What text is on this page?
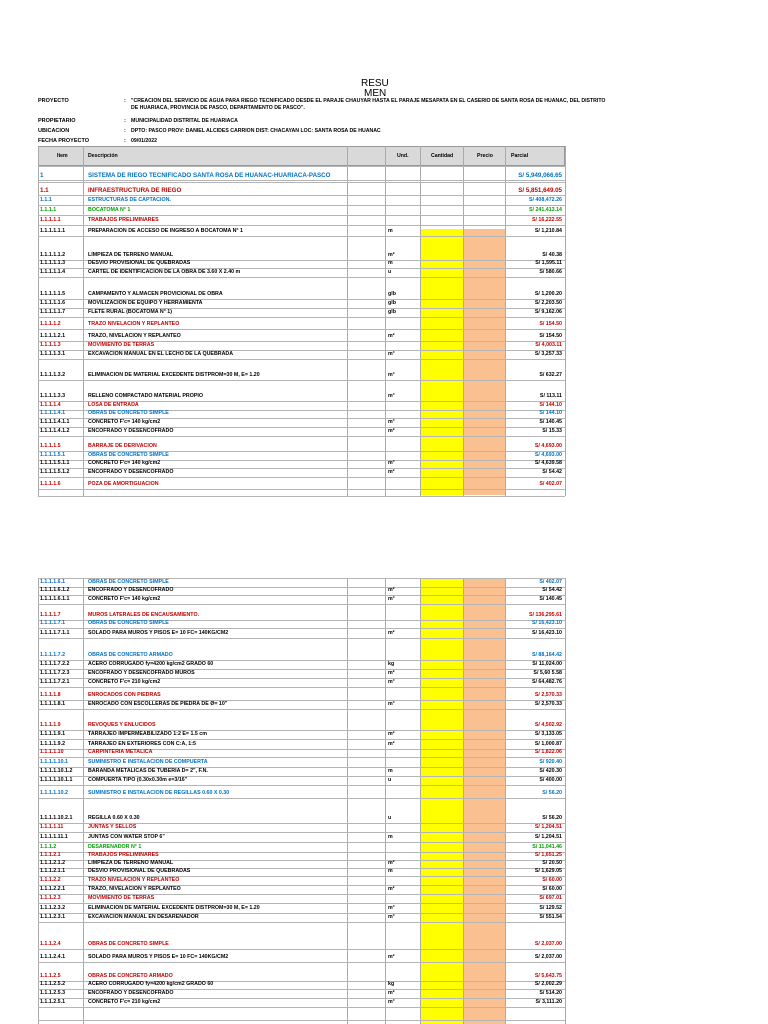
RESU
MEN
PROYECTO	: "CREACION DEL SERVICIO DE AGUA PARA RIEGO TECNIFICADO DESDE EL PARAJE CHAUYAR HASTA EL PARAJE MESAPATA EN EL CASERIO DE SANTA ROSA DE HUANAC, DEL DISTRITO DE HUARIACA, PROVINCIA DE PASCO, DEPARTAMENTO DE PASCO".
PROPIETARIO	: MUNICIPALIDAD DISTRITAL DE HUARIACA
UBICACION	: DPTO: PASCO PROV: DANIEL ALCIDES CARRION DIST: CHACAYAN LOC: SANTA ROSA DE HUANAC
FECHA PROYECTO	: 09/01/2022
Item	Descripción	Und.	Cantidad	Precio	Parcial
1	SISTEMA DE RIEGO TECNIFICADO SANTA ROSA DE HUANAC-HUARIACA-PASCO	S/ 5,949,066.65
1.1	INFRAESTRUCTURA DE RIEGO	S/ 5,851,649.05
1.1.1	ESTRUCTURAS DE CAPTACION.	S/ 408,472.26
1.1.1.1	BOCATOMA N° 1	S/ 241,413.14
1.1.1.1.1	TRABAJOS PRELIMINARES	S/ 16,222.55
1.1.1.1.1.1	PREPARACION DE ACCESO DE INGRESO A BOCATOMA N° 1	m	S/ 1,210.84
1.1.1.1.1.2	LIMPIEZA DE TERRENO MANUAL	m²	S/ 40.38
1.1.1.1.1.3	DESVIO PROVISIONAL DE QUEBRADAS	m	S/ 1,595.11
1.1.1.1.1.4	CARTEL DE IDENTIFICACION DE LA OBRA DE 3.60 X 2.40 m	u	S/ 580.66
1.1.1.1.1.5	CAMPAMENTO Y ALMACEN PROVICIONAL DE OBRA	glb	S/ 1,200.20
1.1.1.1.1.6	MOVILIZACION DE EQUIPO Y HERRAMIENTA	glb	S/ 2,203.50
1.1.1.1.1.7	FLETE RURAL (BOCATOMA N° 1)	glb	S/ 9,162.06
1.1.1.1.2	TRAZO NIVELACION Y REPLANTEO	S/ 154.50
1.1.1.1.2.1	TRAZO, NIVELACION Y REPLANTEO	m²	S/ 154.50
1.1.1.1.3	MOVIMIENTO DE TERRAS	S/ 4,003.11
1.1.1.1.3.1	EXCAVACION MANUAL EN EL LECHO DE LA QUEBRADA	m³	S/ 3,257.33
1.1.1.1.3.2	ELIMINACION DE MATERIAL EXCEDENTE DISTPROM=30 M, E= 1.20	m³	S/ 632.27
1.1.1.1.3.3	RELLENO COMPACTADO MATERIAL PROPIO	m³	S/ 113.11
1.1.1.1.4	LOSA DE ENTRADA	S/ 144.10
1.1.1.1.4.1	OBRAS DE CONCRETO SIMPLE	S/ 144.10
1.1.1.1.4.1.1	CONCRETO F'c= 140 kg/cm2	m³	S/ 140.45
1.1.1.1.4.1.2	ENCOFRADO Y DESENCOFRADO	m²	S/ 15.33
1.1.1.1.5	BARRAJE DE DERIVACION	S/ 4,693.00
1.1.1.1.5.1	OBRAS DE CONCRETO SIMPLE	S/ 4,693.00
1.1.1.1.5.1.1	CONCRETO F'c= 140 kg/cm2	m³	S/ 4,639.58
1.1.1.1.5.1.2	ENCOFRADO Y DESENCOFRADO	m²	S/ 54.42
1.1.1.1.6	POZA DE AMORTIGUACION	S/ 402.07
1.1.1.1.6.1	OBRAS DE CONCRETO SIMPLE	S/ 402.07
1.1.1.1.6.1.2	ENCOFRADO Y DESENCOFRADO	m²	S/ 54.42
1.1.1.1.6.1.1	CONCRETO F'c= 140 kg/cm2	m³	S/ 140.45
1.1.1.1.7	MUROS LATERALES DE ENCAUSAMIENTO.	S/ 136,295.61
1.1.1.1.7.1	OBRAS DE CONCRETO SIMPLE	S/ 16,423.10
1.1.1.1.7.1.1	SOLADO PARA MUROS Y PISOS E= 10 FC= 140KG/CM2	m²	S/ 16,423.10
1.1.1.1.7.2	OBRAS DE CONCRETO ARMADO	S/ 88,164.42
1.1.1.1.7.2.2	ACERO CORRUGADO fy=4200 kg/cm2 GRADO 60	kg	S/ 11,024.00
1.1.1.1.7.2.3	ENCOFRADO Y DESENCOFRADO MUROS	m²	S/ 5,60 5.58
1.1.1.1.7.2.1	CONCRETO F'c= 210 kg/cm2	m³	S/ 64,482.76
1.1.1.1.8	ENROCADOS CON PIEDRAS	S/ 2,570.33
1.1.1.1.8.1	ENROCADO CON ESCOLLERAS DE PIEDRA DE Ø= 10"	m³	S/ 2,570.33
1.1.1.1.9	REVOQUES Y ENLUCIDOS	S/ 4,502.92
1.1.1.1.9.1	TARRAJEO IMPERMEABILIZADO 1:2 E= 1.5 cm	m²	S/ 3,133.05
1.1.1.1.9.2	TARRAJEO EN EXTERIORES CON C:A, 1:5	m²	S/ 1,000.87
1.1.1.1.10	CARPINTERIA METALICA	S/ 1,822.06
1.1.1.1.10.1	SUMINISTRO E INSTALACION DE COMPUERTA	S/ 920.40
1.1.1.1.10.1.2	BARANDA METALICAS DE TUBERIA D= 2", F.N.	m	S/ 420.30
1.1.1.1.10.1.1	COMPUERTA TIPO (0.30x0.30m e=3/16"	u	S/ 400.00
1.1.1.1.10.2	SUMINISTRO E INSTALACION DE REGILLAS 0.60 X 0.30	S/ 56.20
1.1.1.1.10.2.1	REGILLA 0.60 X 0.30	u	S/ 56.20
1.1.1.1.11	JUNTAS Y SELLOS	S/ 1,204.51
1.1.1.1.11.1	JUNTAS CON WATER STOP 6"	m	S/ 1,204.51
1.1.1.2	DESARENADOR N° 1	S/ 11,041.46
1.1.1.2.1	TRABAJOS PRELIMINARES	S/ 1,651.25
1.1.1.2.1.2	LIMPIEZA DE TERRENO MANUAL	m²	S/ 20.50
1.1.1.2.1.1	DESVIO PROVISIONAL DE QUEBRADAS	m	S/ 1,629.05
1.1.1.2.2	TRAZO NIVELACION Y REPLANTEO	S/ 60.00
1.1.1.2.2.1	TRAZO, NIVELACION Y REPLANTEO	m²	S/ 60.00
1.1.1.2.3	MOVIMIENTO DE TERRAS	S/ 697.01
1.1.1.2.3.2	ELIMINACION DE MATERIAL EXCEDENTE DISTPROM=30 M, E= 1.20	m³	S/ 129.52
1.1.1.2.3.1	EXCAVACION MANUAL EN DESARENADOR	m³	S/ 551.54
1.1.1.2.4	OBRAS DE CONCRETO SIMPLE	S/ 2,037.00
1.1.1.2.4.1	SOLADO PARA MUROS Y PISOS E= 10 FC= 140KG/CM2	m²	S/ 2,037.00
1.1.1.2.5	OBRAS DE CONCRETO ARMADO	S/ 5,643.75
1.1.1.2.5.2	ACERO CORRUGADO fy=4200 kg/cm2 GRADO 60	kg	S/ 2,002.29
1.1.1.2.5.3	ENCOFRADO Y DESENCOFRADO	m²	S/ 514.20
1.1.1.2.5.1	CONCRETO F'c= 210 kg/cm2	m³	S/ 3,111.20
